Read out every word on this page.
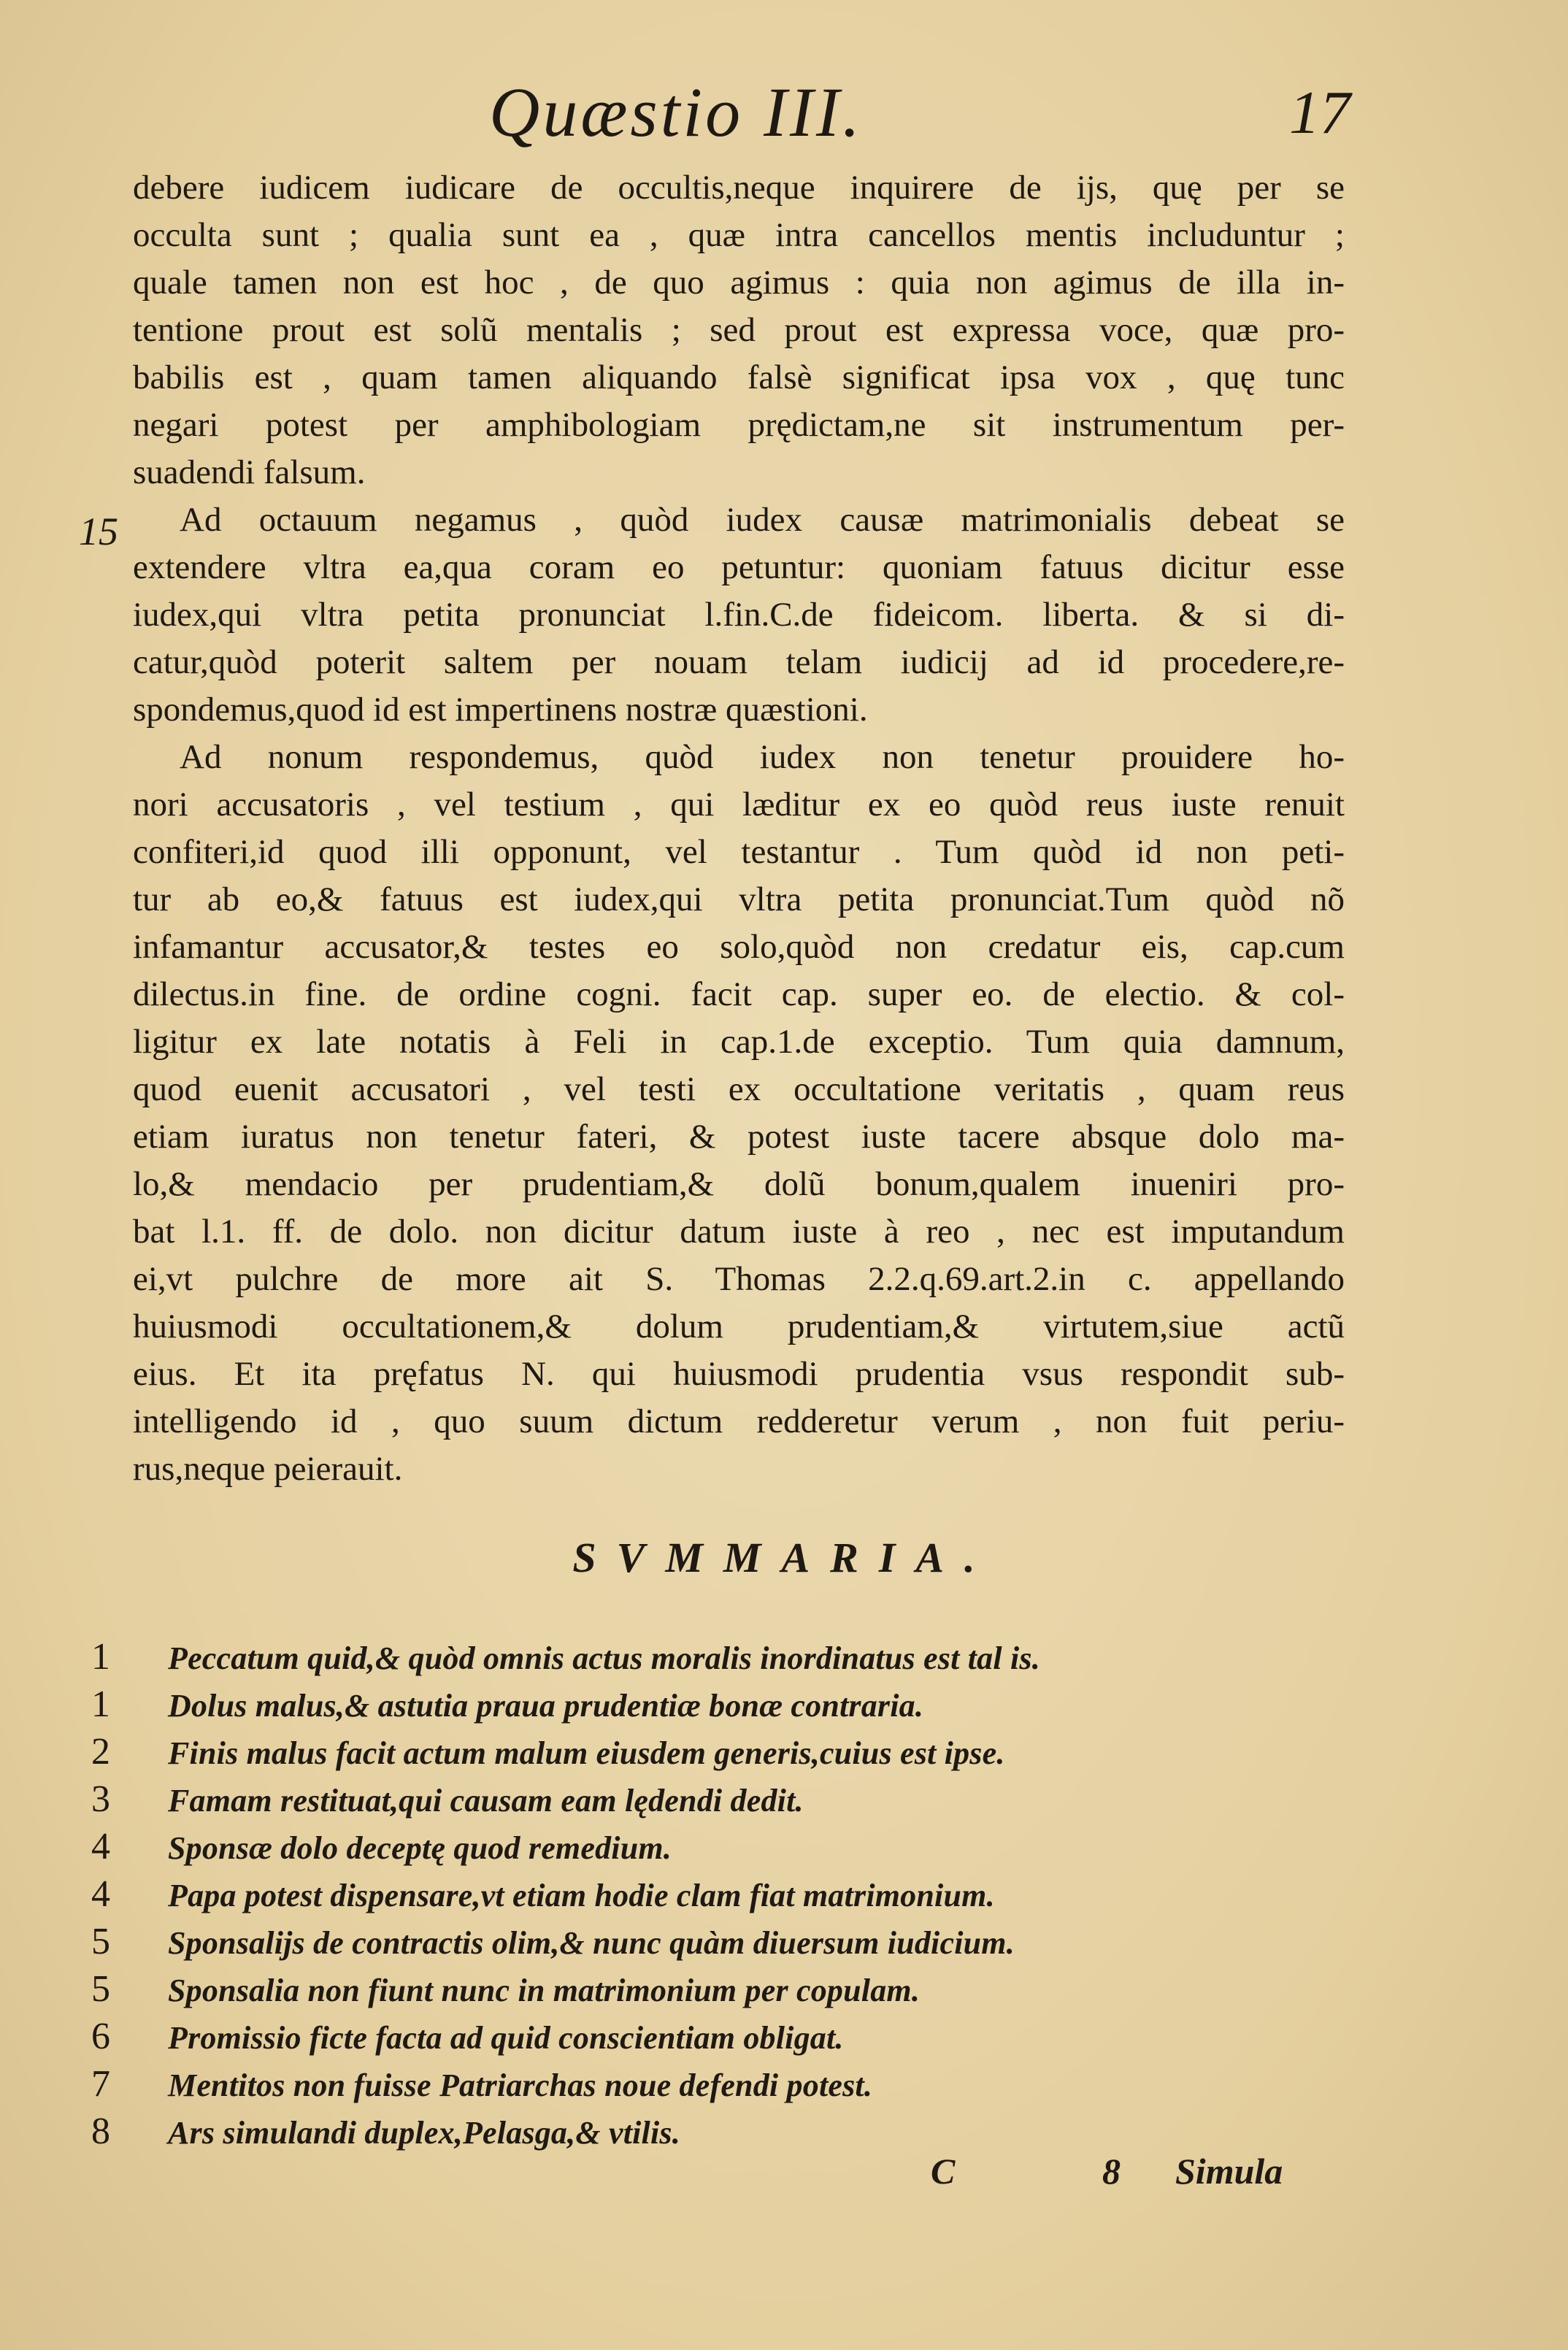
Quæstio III.	17

debere iudicem iudicare de occultis,neque inquirere de ijs, quę per se
occulta sunt ; qualia sunt ea , quæ intra cancellos mentis includuntur ;
quale tamen non est hoc , de quo agimus : quia non agimus de illa in-
tentione prout est solũ mentalis ; sed prout est expressa voce, quæ pro-
babilis est , quam tamen aliquando falsè significat ipsa vox , quę tunc
negari potest per amphibologiam prędictam,ne sit instrumentum per-
suadendi falsum.

Ad octauum negamus , quòd iudex causæ matrimonialis debeat se
extendere vltra ea,qua coram eo petuntur: quoniam fatuus dicitur esse
iudex,qui vltra petita pronunciat l.fin.C.de fideicom. liberta. & si di-
catur,quòd poterit saltem per nouam telam iudicij ad id procedere,re-
spondemus,quod id est impertinens nostræ quæstioni.

Ad nonum respondemus, quòd iudex non tenetur prouidere ho-
nori accusatoris , vel testium , qui læditur ex eo quòd reus iuste renuit
confiteri,id quod illi opponunt, vel testantur . Tum quòd id non peti-
tur ab eo,& fatuus est iudex,qui vltra petita pronunciat.Tum quòd nõ
infamantur accusator,& testes eo solo,quòd non credatur eis, cap.cum
dilectus.in fine. de ordine cogni. facit cap. super eo. de electio. & col-
ligitur ex late notatis à Feli in cap.1.de exceptio. Tum quia damnum,
quod euenit accusatori , vel testi ex occultatione veritatis , quam reus
etiam iuratus non tenetur fateri, & potest iuste tacere absque dolo ma-
lo,& mendacio per prudentiam,& dolũ bonum,qualem inueniri pro-
bat l.1. ff. de dolo. non dicitur datum iuste à reo , nec est imputandum
ei,vt pulchre de more ait S. Thomas 2.2.q.69.art.2.in c. appellando
huiusmodi occultationem,& dolum prudentiam,& virtutem,siue actũ
eius. Et ita pręfatus N. qui huiusmodi prudentia vsus respondit sub-
intelligendo id , quo suum dictum redderetur verum , non fuit periu-
rus,neque peierauit.

15
SVMMARIA.
1	Peccatum quid,& quòd omnis actus moralis inordinatus est tal is.
1	Dolus malus,& astutia praua prudentiæ bonæ contraria.
2	Finis malus facit actum malum eiusdem generis,cuius est ipse.
3	Famam restituat,qui causam eam lędendi dedit.
4	Sponsæ dolo deceptę quod remedium.
4	Papa potest dispensare,vt etiam hodie clam fiat matrimonium.
5	Sponsalijs de contractis olim,& nunc quàm diuersum iudicium.
5	Sponsalia non fiunt nunc in matrimonium per copulam.
6	Promissio ficte facta ad quid conscientiam obligat.
7	Mentitos non fuisse Patriarchas noue defendi potest.
8	Ars simulandi duplex,Pelasga,& vtilis.
C	8 Simula
